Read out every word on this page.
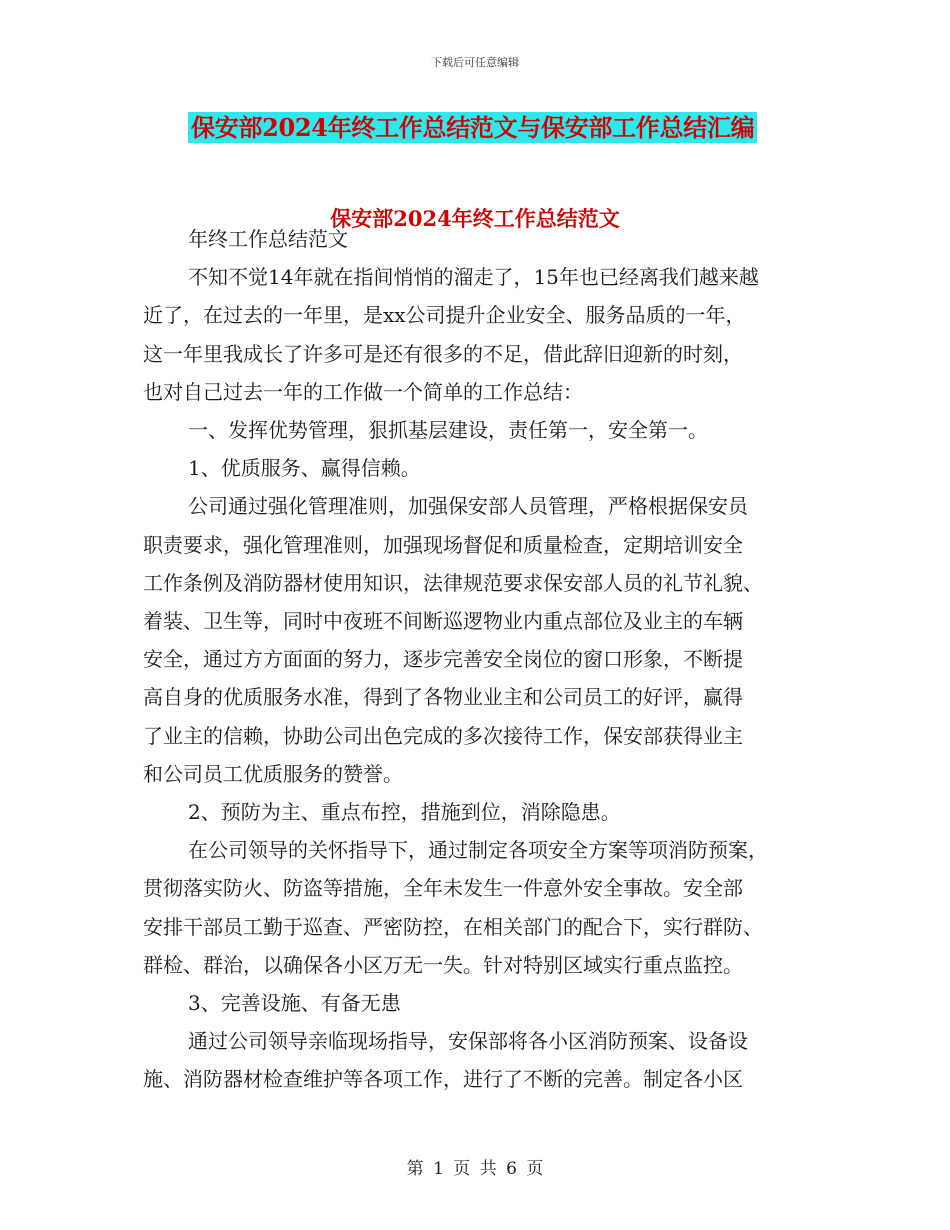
下载后可任意编辑
保安部2024年终工作总结范文与保安部工作总结汇编
保安部2024年终工作总结范文

年终工作总结范文

不知不觉14年就在指间悄悄的溜走了，15年也已经离我们越来越

近了，在过去的一年里，是xx公司提升企业安全、服务品质的一年，

这一年里我成长了许多可是还有很多的不足，借此辞旧迎新的时刻，

也对自己过去一年的工作做一个简单的工作总结：

一、发挥优势管理，狠抓基层建设，责任第一，安全第一。

1、优质服务、赢得信赖。

公司通过强化管理准则，加强保安部人员管理，严格根据保安员

职责要求，强化管理准则，加强现场督促和质量检查，定期培训安全

工作条例及消防器材使用知识，法律规范要求保安部人员的礼节礼貌、

着装、卫生等，同时中夜班不间断巡逻物业内重点部位及业主的车辆

安全，通过方方面面的努力，逐步完善安全岗位的窗口形象，不断提

高自身的优质服务水准，得到了各物业业主和公司员工的好评，赢得

了业主的信赖，协助公司出色完成的多次接待工作，保安部获得业主

和公司员工优质服务的赞誉。

2、预防为主、重点布控，措施到位，消除隐患。

在公司领导的关怀指导下，通过制定各项安全方案等项消防预案，

贯彻落实防火、防盗等措施，全年未发生一件意外安全事故。安全部

安排干部员工勤于巡查、严密防控，在相关部门的配合下，实行群防、

群检、群治，以确保各小区万无一失。针对特别区域实行重点监控。

3、完善设施、有备无患

通过公司领导亲临现场指导，安保部将各小区消防预案、设备设

施、消防器材检查维护等各项工作，进行了不断的完善。制定各小区

第 1 页 共 6 页
